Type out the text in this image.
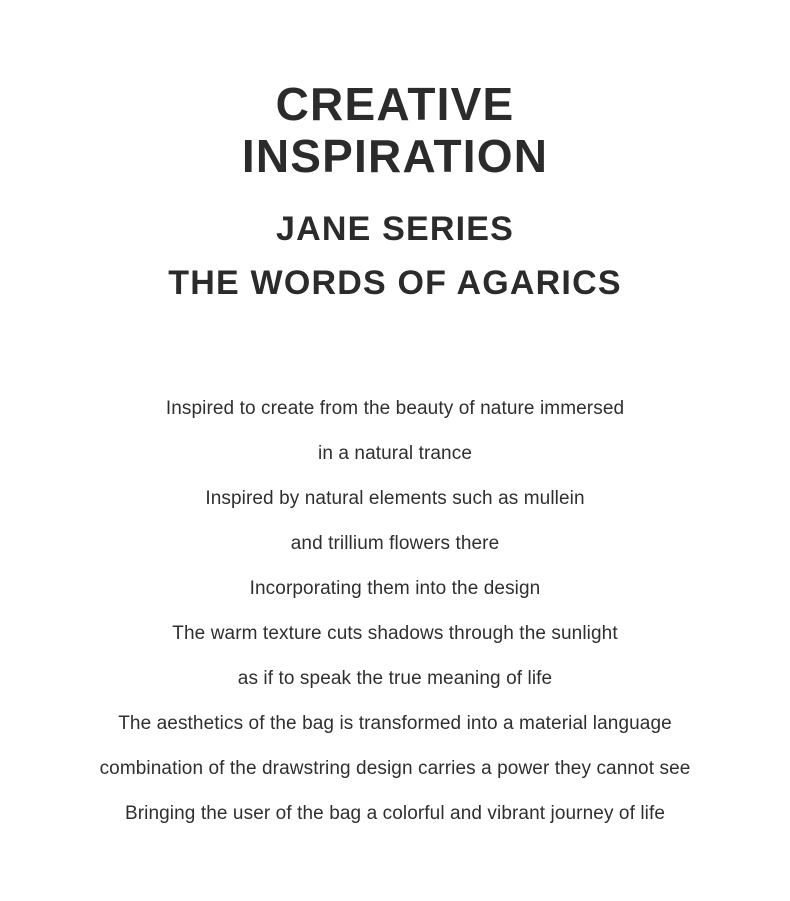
CREATIVE
INSPIRATION
JANE SERIES
THE WORDS OF AGARICS
Inspired to create from the beauty of nature immersed
in a natural trance
Inspired by natural elements such as mullein
and trillium flowers there
Incorporating them into the design
The warm texture cuts shadows through the sunlight
as if to speak the true meaning of life
The aesthetics of the bag is transformed into a material language
combination of the drawstring design carries a power they cannot see
Bringing the user of the bag a colorful and vibrant journey of life
